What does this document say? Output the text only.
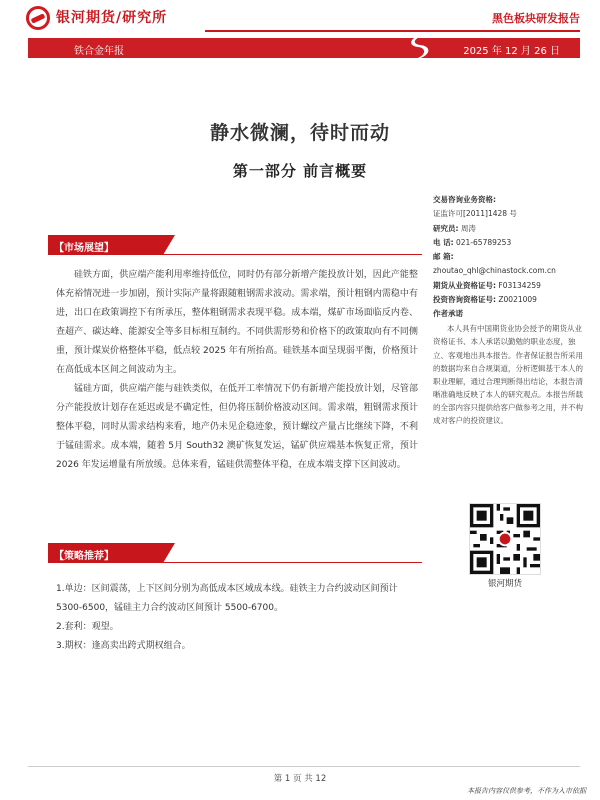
银河期货/研究所	黑色板块研发报告
铁合金年报	2025 年 12 月 26 日
静水微澜，待时而动
第一部分 前言概要
交易咨询业务资格:
证监许可[2011]1428 号
研究员: 周涛
电 话: 021-65789253
邮 箱:
zhoutao_qhl@chinastock.com.cn
期货从业资格证号: F03134259
投资咨询资格证号: Z0021009
作者承诺
本人具有中国期货业协会授予的期货从业资格证书、本人承诺以勤勉的职业态度，独立、客观地出具本报告。作者保证报告所采用的数据均来自合规渠道，分析逻辑基于本人的职业理解，通过合理判断得出结论，本报告清晰准确地反映了本人的研究观点。本报告所载的全部内容只提供给客户做参考之用，并不构成对客户的投资建议。
【市场展望】

硅铁方面，供应端产能利用率维持低位，同时仍有部分新增产能投放计划，因此产能整体充裕情况进一步加剧，预计实际产量将跟随粗钢需求波动。需求端，预计粗钢内需稳中有进，出口在政策调控下有所承压，整体粗钢需求表现平稳。成本端，煤矿市场面临反内卷、查超产、碳达峰、能源安全等多目标相互制约。不同供需形势和价格下的政策取向有不同侧重，预计煤炭价格整体平稳，低点较 2025 年有所抬高。硅铁基本面呈现弱平衡，价格预计在高低成本区间之间波动为主。

锰硅方面，供应端产能与硅铁类似，在低开工率情况下仍有新增产能投放计划，尽管部分产能投放计划存在延迟或是不确定性，但仍将压制价格波动区间。需求端，粗钢需求预计整体平稳，同时从需求结构来看，地产仍未见企稳迹象，预计螺纹产量占比继续下降，不利于锰硅需求。成本端，随着 5月 South32 澳矿恢复发运，锰矿供应端基本恢复正常，预计 2026 年发运增量有所放缓。总体来看，锰硅供需整体平稳，在成本端支撑下区间波动。

【策略推荐】

1.单边：区间震荡，上下区间分别为高低成本区域成本线。硅铁主力合约波动区间预计 5300-6500，锰硅主力合约波动区间预计 5500-6700。

2.套利：观望。

3.期权：逢高卖出跨式期权组合。

银河期货
第 1 页 共 12
本报告内容仅供参考，不作为入市依据
